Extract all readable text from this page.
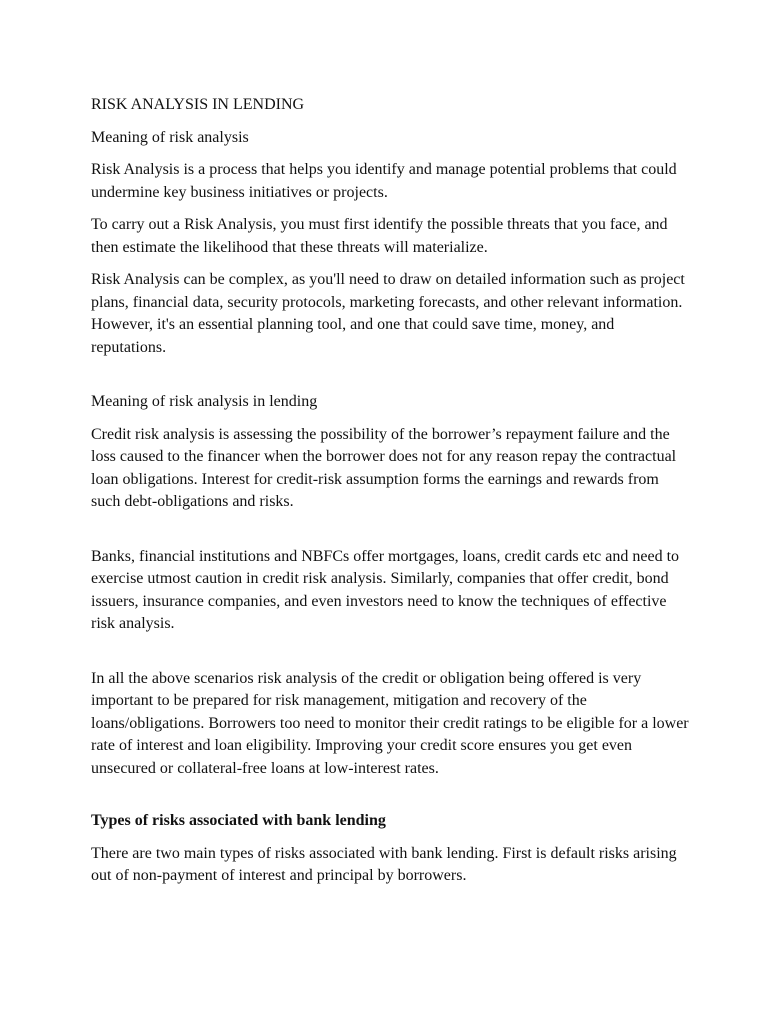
RISK ANALYSIS IN LENDING

Meaning of risk analysis

Risk Analysis is a process that helps you identify and manage potential problems that could undermine key business initiatives or projects.

To carry out a Risk Analysis, you must first identify the possible threats that you face, and then estimate the likelihood that these threats will materialize.

Risk Analysis can be complex, as you'll need to draw on detailed information such as project plans, financial data, security protocols, marketing forecasts, and other relevant information. However, it's an essential planning tool, and one that could save time, money, and reputations.

Meaning of risk analysis in lending

Credit risk analysis is assessing the possibility of the borrower’s repayment failure and the loss caused to the financer when the borrower does not for any reason repay the contractual loan obligations. Interest for credit-risk assumption forms the earnings and rewards from such debt-obligations and risks.

Banks, financial institutions and NBFCs offer mortgages, loans, credit cards etc and need to exercise utmost caution in credit risk analysis. Similarly, companies that offer credit, bond issuers, insurance companies, and even investors need to know the techniques of effective risk analysis.

In all the above scenarios risk analysis of the credit or obligation being offered is very important to be prepared for risk management, mitigation and recovery of the loans/obligations. Borrowers too need to monitor their credit ratings to be eligible for a lower rate of interest and loan eligibility. Improving your credit score ensures you get even unsecured or collateral-free loans at low-interest rates.

Types of risks associated with bank lending

There are two main types of risks associated with bank lending. First is default risks arising out of non-payment of interest and principal by borrowers.
